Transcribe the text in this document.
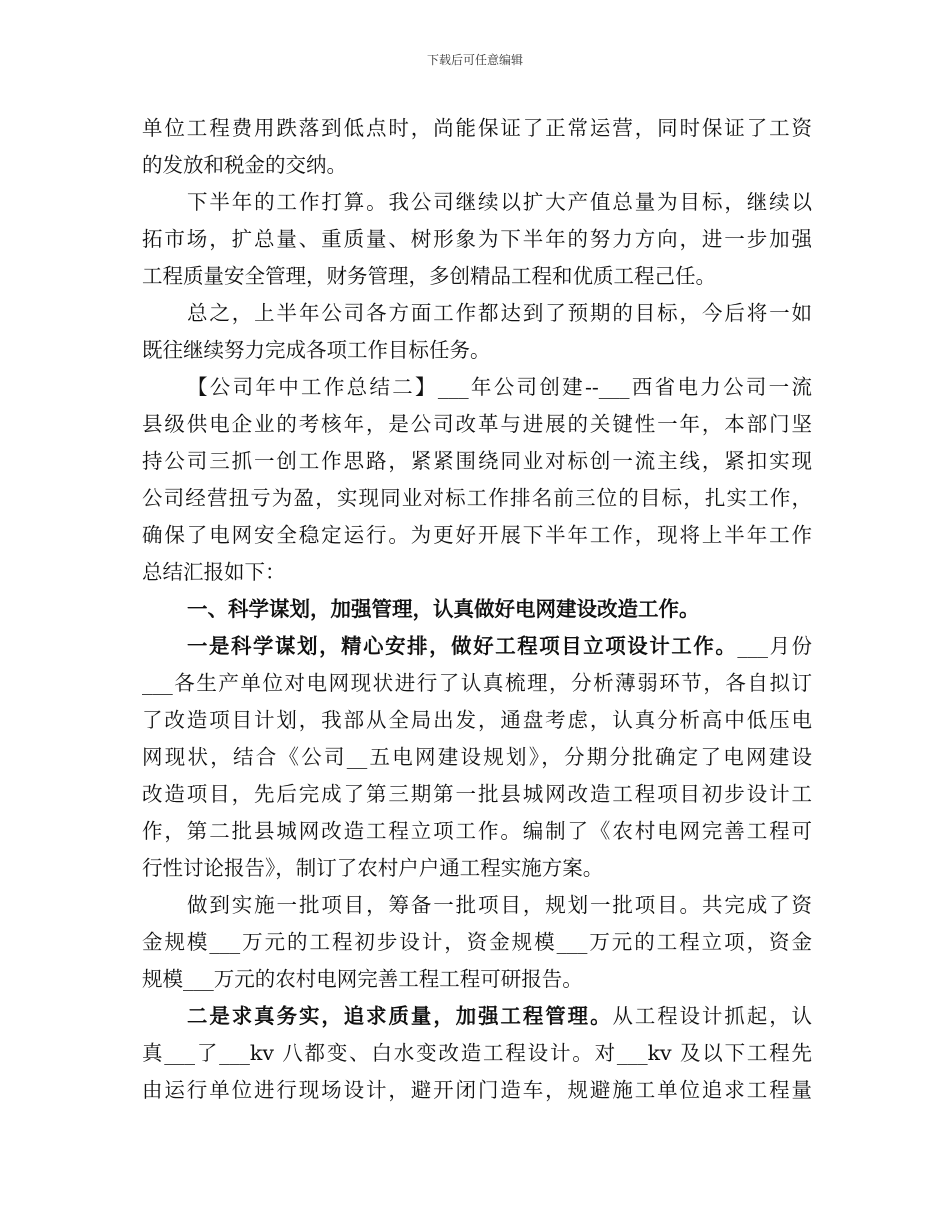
下载后可任意编辑
单位工程费用跌落到低点时，尚能保证了正常运营，同时保证了工资
的发放和税金的交纳。
下半年的工作打算。我公司继续以扩大产值总量为目标，继续以
拓市场，扩总量、重质量、树形象为下半年的努力方向，进一步加强
工程质量安全管理，财务管理，多创精品工程和优质工程己任。
总之，上半年公司各方面工作都达到了预期的目标，今后将一如
既往继续努力完成各项工作目标任务。
【公司年中工作总结二】___年公司创建--___西省电力公司一流
县级供电企业的考核年，是公司改革与进展的关键性一年，本部门坚
持公司三抓一创工作思路，紧紧围绕同业对标创一流主线，紧扣实现
公司经营扭亏为盈，实现同业对标工作排名前三位的目标，扎实工作，
确保了电网安全稳定运行。为更好开展下半年工作，现将上半年工作
总结汇报如下：
一、科学谋划，加强管理，认真做好电网建设改造工作。
一是科学谋划，精心安排，做好工程项目立项设计工作。___月份
___各生产单位对电网现状进行了认真梳理，分析薄弱环节，各自拟订
了改造项目计划，我部从全局出发，通盘考虑，认真分析高中低压电
网现状，结合《公司__五电网建设规划》，分期分批确定了电网建设
改造项目，先后完成了第三期第一批县城网改造工程项目初步设计工
作，第二批县城网改造工程立项工作。编制了《农村电网完善工程可
行性讨论报告》，制订了农村户户通工程实施方案。
做到实施一批项目，筹备一批项目，规划一批项目。共完成了资
金规模___万元的工程初步设计，资金规模___万元的工程立项，资金
规模___万元的农村电网完善工程工程可研报告。
二是求真务实，追求质量，加强工程管理。从工程设计抓起，认
真___了___kv 八都变、白水变改造工程设计。对___kv 及以下工程先
由运行单位进行现场设计，避开闭门造车，规避施工单位追求工程量
